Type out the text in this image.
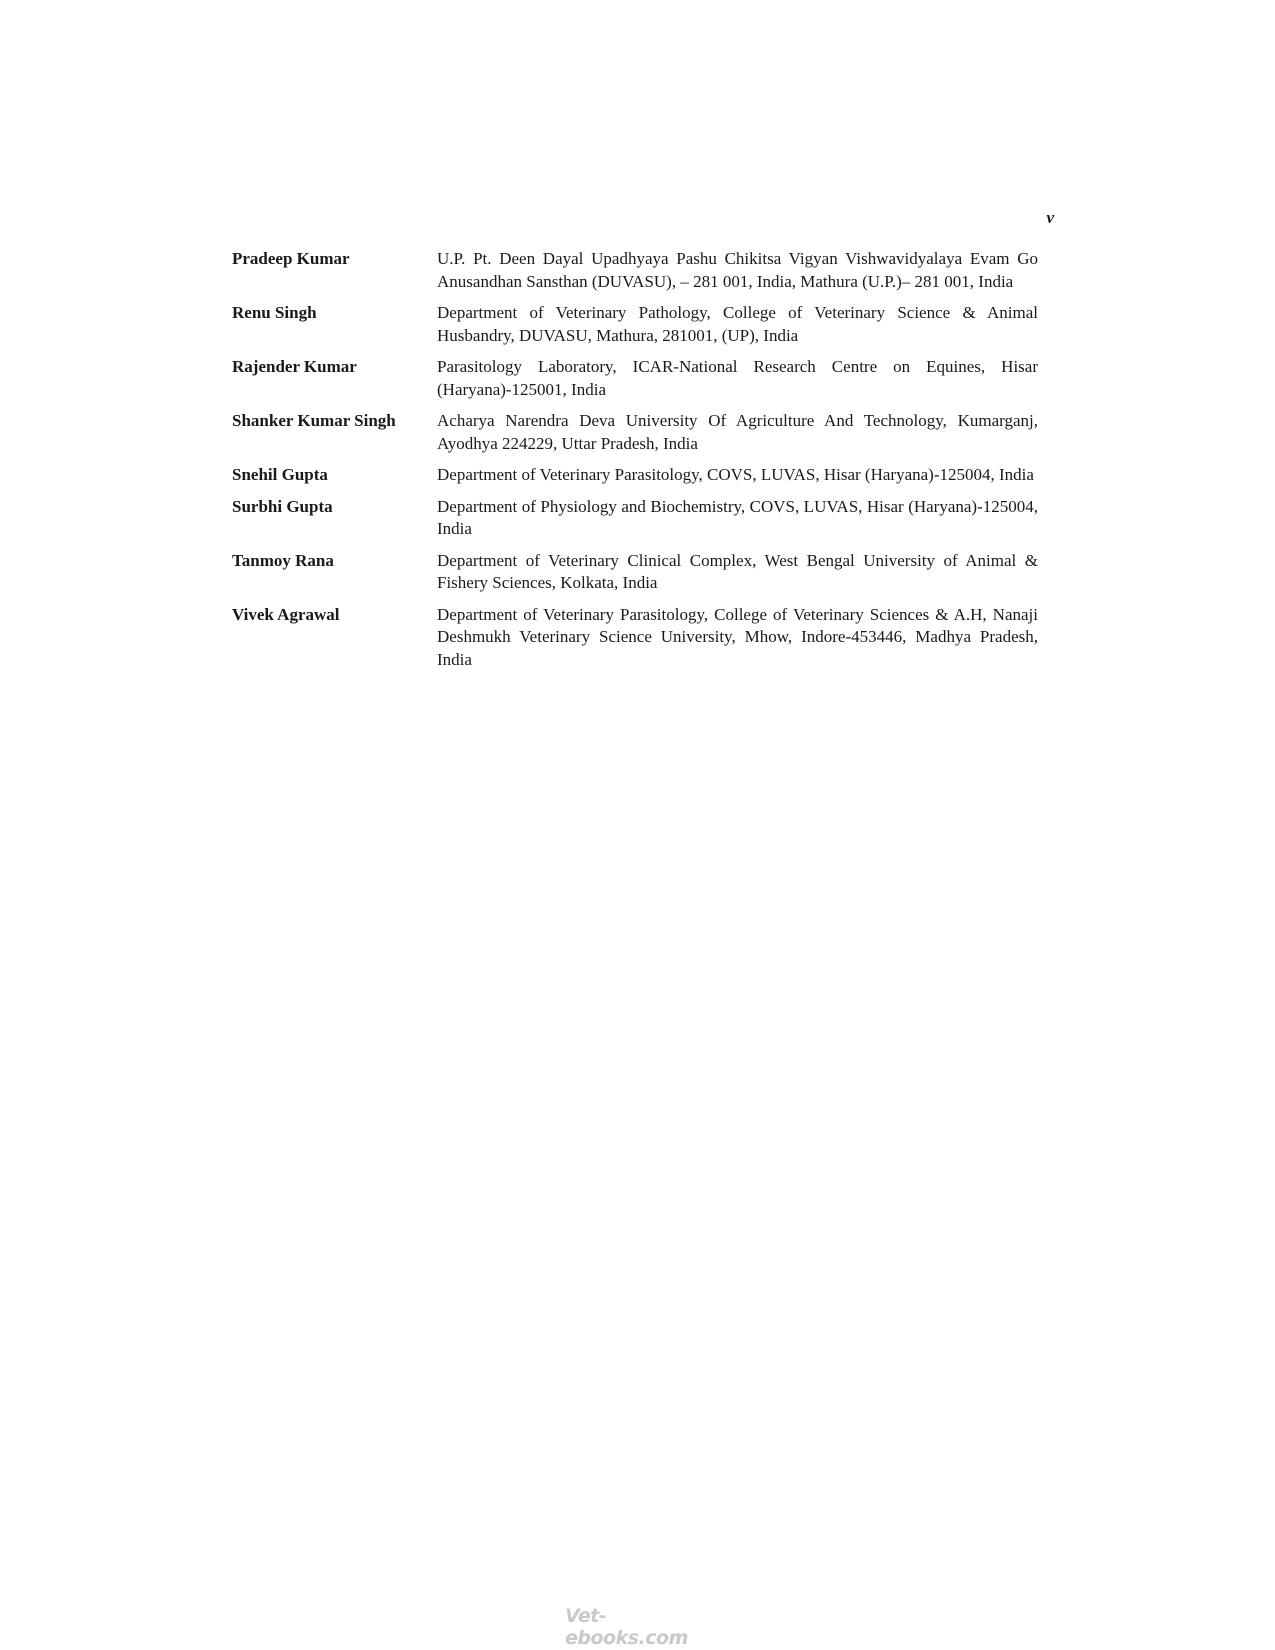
v
Pradeep Kumar	U.P. Pt. Deen Dayal Upadhyaya Pashu Chikitsa Vigyan Vishwavidyalaya Evam Go Anusandhan Sansthan (DUVASU), – 281 001, India, Mathura (U.P.)– 281 001, India
Renu Singh	Department of Veterinary Pathology, College of Veterinary Science & Animal Husbandry, DUVASU, Mathura, 281001, (UP), India
Rajender Kumar	Parasitology Laboratory, ICAR-National Research Centre on Equines, Hisar (Haryana)-125001, India
Shanker Kumar Singh	Acharya Narendra Deva University Of Agriculture And Technology, Kumarganj, Ayodhya 224229, Uttar Pradesh, India
Snehil Gupta	Department of Veterinary Parasitology, COVS, LUVAS, Hisar (Haryana)-125004, India
Surbhi Gupta	Department of Physiology and Biochemistry, COVS, LUVAS, Hisar (Haryana)-125004, India
Tanmoy Rana	Department of Veterinary Clinical Complex, West Bengal University of Animal & Fishery Sciences, Kolkata, India
Vivek Agrawal	Department of Veterinary Parasitology, College of Veterinary Sciences & A.H, Nanaji Deshmukh Veterinary Science University, Mhow, Indore-453446, Madhya Pradesh, India
Vet-ebooks.com
